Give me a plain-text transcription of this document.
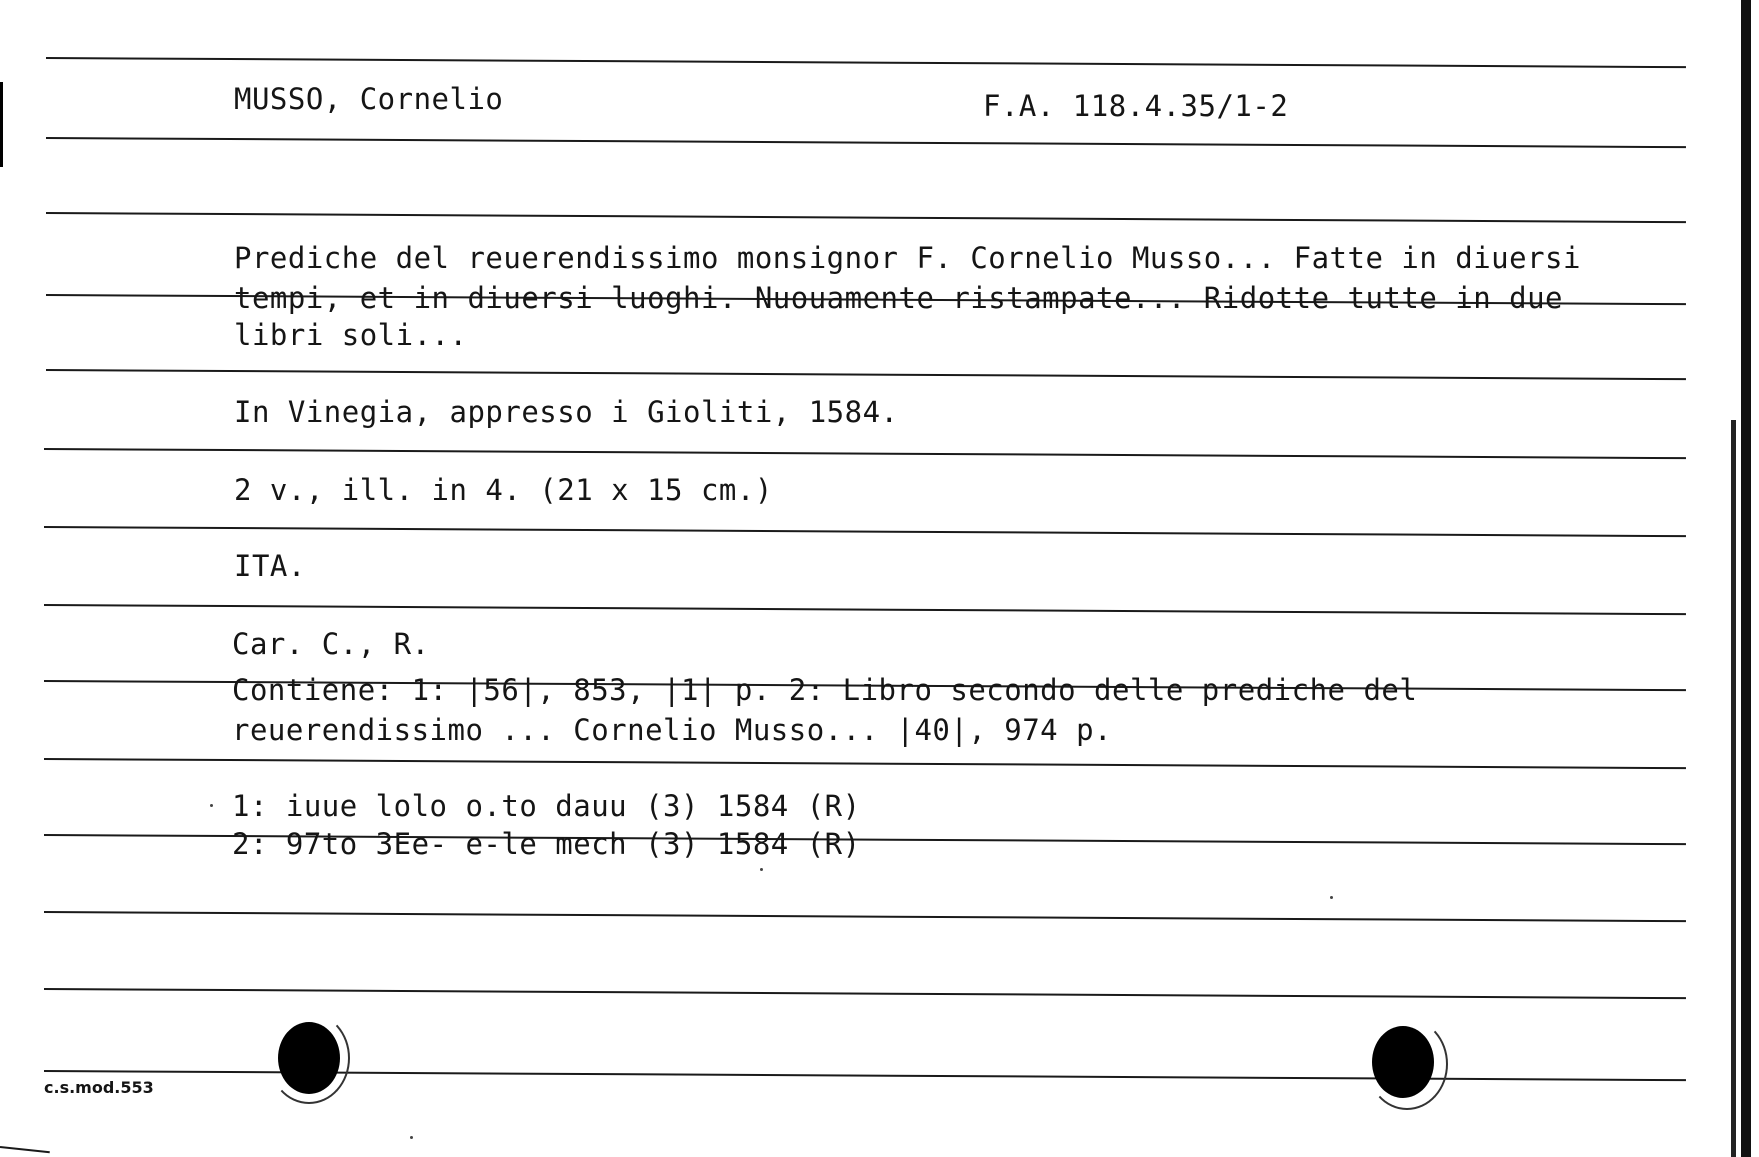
MUSSO, Cornelio	F.A. 118.4.35/1-2
Prediche del reuerendissimo monsignor F. Cornelio Musso... Fatte in diuersi
tempi, et in diuersi luoghi. Nuouamente ristampate... Ridotte tutte in due
libri soli...
In Vinegia, appresso i Gioliti, 1584.
2 v., ill. in 4. (21 x 15 cm.)
ITA.
Car. C., R.
Contiene: 1: |56|, 853, |1| p. 2: Libro secondo delle prediche del
reuerendissimo ... Cornelio Musso... |40|, 974 p.
1: iuue lolo o.to dauu (3) 1584 (R)
2: 97to 3Ee- e-le mech (3) 1584 (R)
c.s.mod.553
